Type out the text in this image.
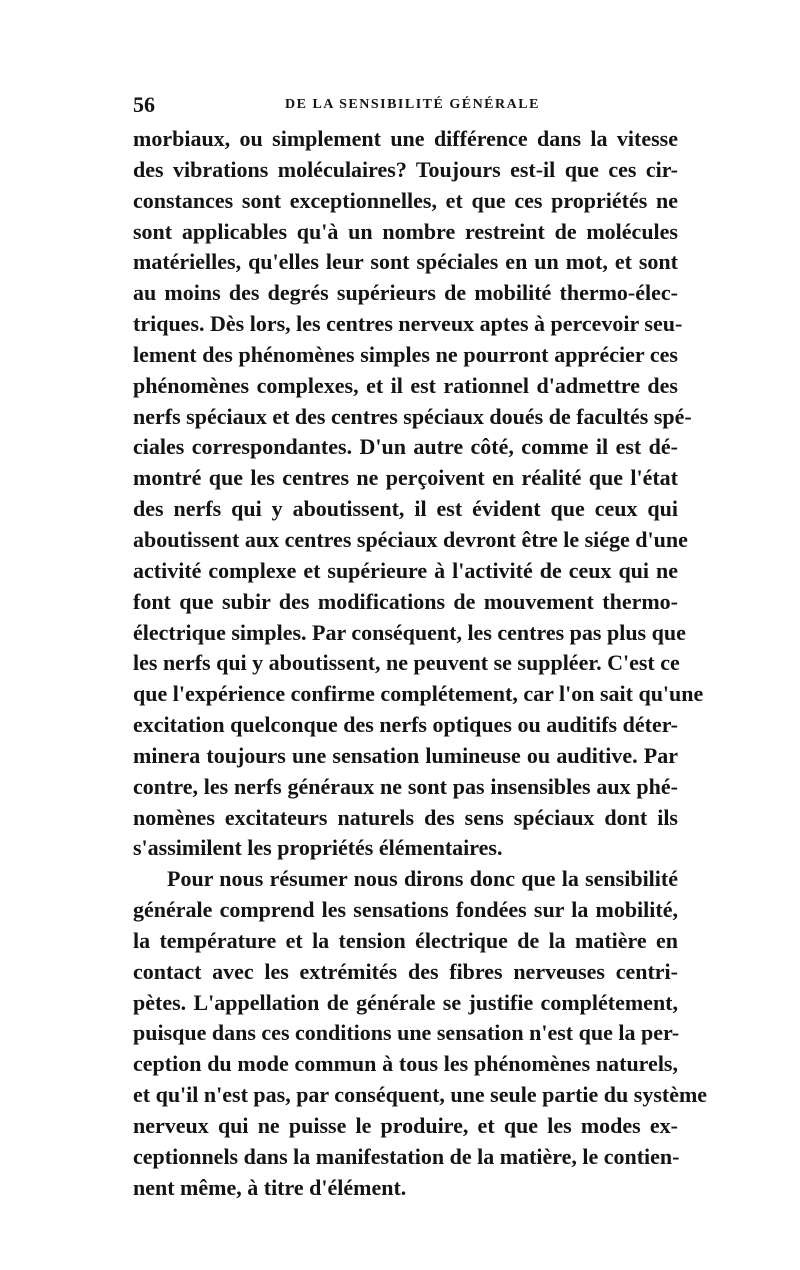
56	DE LA SENSIBILITÉ GÉNÉRALE
morbiaux, ou simplement une différence dans la vitesse
des vibrations moléculaires? Toujours est-il que ces cir-
constances sont exceptionnelles, et que ces propriétés ne
sont applicables qu'à un nombre restreint de molécules
matérielles, qu'elles leur sont spéciales en un mot, et sont
au moins des degrés supérieurs de mobilité thermo-élec-
triques. Dès lors, les centres nerveux aptes à percevoir seu-
lement des phénomènes simples ne pourront apprécier ces
phénomènes complexes, et il est rationnel d'admettre des
nerfs spéciaux et des centres spéciaux doués de facultés spé-
ciales correspondantes. D'un autre côté, comme il est dé-
montré que les centres ne perçoivent en réalité que l'état
des nerfs qui y aboutissent, il est évident que ceux qui
aboutissent aux centres spéciaux devront être le siége d'une
activité complexe et supérieure à l'activité de ceux qui ne
font que subir des modifications de mouvement thermo-
électrique simples. Par conséquent, les centres pas plus que
les nerfs qui y aboutissent, ne peuvent se suppléer. C'est ce
que l'expérience confirme complétement, car l'on sait qu'une
excitation quelconque des nerfs optiques ou auditifs déter-
minera toujours une sensation lumineuse ou auditive. Par
contre, les nerfs généraux ne sont pas insensibles aux phé-
nomènes excitateurs naturels des sens spéciaux dont ils
s'assimilent les propriétés élémentaires.
Pour nous résumer nous dirons donc que la sensibilité
générale comprend les sensations fondées sur la mobilité,
la température et la tension électrique de la matière en
contact avec les extrémités des fibres nerveuses centri-
pètes. L'appellation de générale se justifie complétement,
puisque dans ces conditions une sensation n'est que la per-
ception du mode commun à tous les phénomènes naturels,
et qu'il n'est pas, par conséquent, une seule partie du système
nerveux qui ne puisse le produire, et que les modes ex-
ceptionnels dans la manifestation de la matière, le contien-
nent même, à titre d'élément.
